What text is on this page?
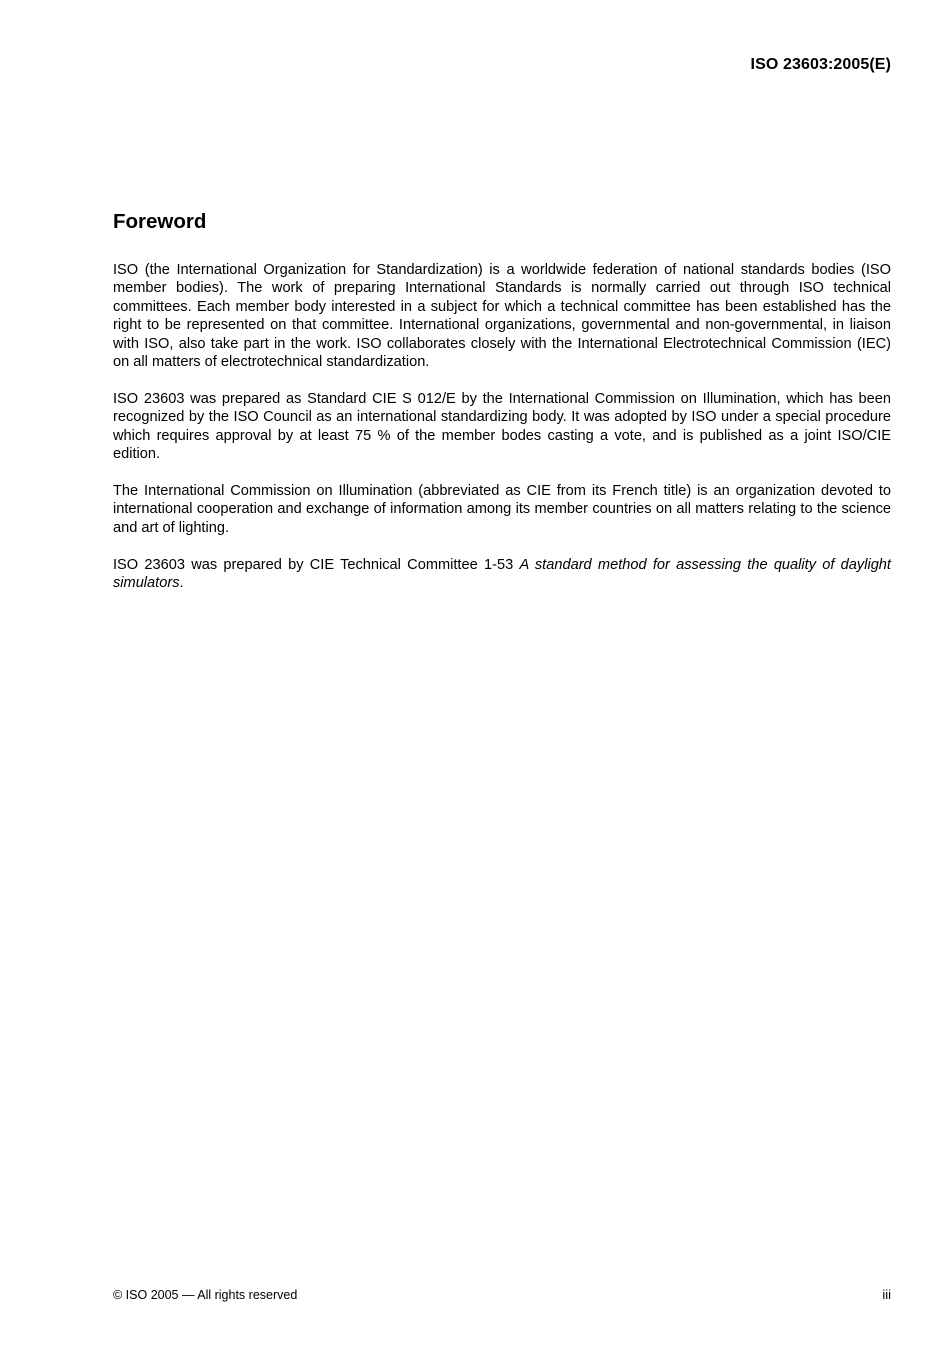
ISO 23603:2005(E)
Foreword

ISO (the International Organization for Standardization) is a worldwide federation of national standards bodies (ISO member bodies). The work of preparing International Standards is normally carried out through ISO technical committees. Each member body interested in a subject for which a technical committee has been established has the right to be represented on that committee. International organizations, governmental and non-governmental, in liaison with ISO, also take part in the work. ISO collaborates closely with the International Electrotechnical Commission (IEC) on all matters of electrotechnical standardization.

ISO 23603 was prepared as Standard CIE S 012/E by the International Commission on Illumination, which has been recognized by the ISO Council as an international standardizing body. It was adopted by ISO under a special procedure which requires approval by at least 75 % of the member bodes casting a vote, and is published as a joint ISO/CIE edition.

The International Commission on Illumination (abbreviated as CIE from its French title) is an organization devoted to international cooperation and exchange of information among its member countries on all matters relating to the science and art of lighting.

ISO 23603 was prepared by CIE Technical Committee 1-53 A standard method for assessing the quality of daylight simulators.

© ISO 2005 — All rights reserved	iii
